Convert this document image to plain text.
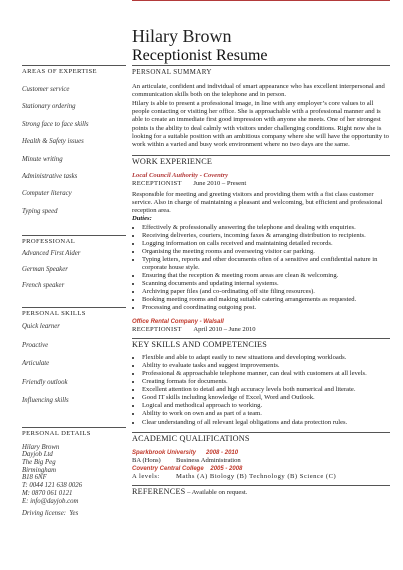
Hilary Brown
Receptionist Resume
AREAS OF EXPERTISE
Customer service
Stationary ordering
Strong face to face skills
Health & Safety issues
Minute writing
Administrative tasks
Computer literacy
Typing speed
PROFESSIONAL
Advanced First Aider
German Speaker
French speaker
PERSONAL SKILLS
Quick learner
Proactive
Articulate
Friendly outlook
Influencing skills
PERSONAL DETAILS
Hilary Brown
Dayjob Ltd
The Big Peg
Birmingham
B18 6NF
T: 0044 121 638 0026
M: 0870 061 0121
E: info@dayjob.com
Driving license: Yes
PERSONAL SUMMARY

An articulate, confident and individual of smart appearance who has excellent interpersonal and communication skills both on the telephone and in person.

Hilary is able to present a professional image, in line with any employer’s core values to all people contacting or visiting her office. She is approachable with a professional manner and is able to create an immediate first good impression with anyone she meets. One of her strongest points is the ability to deal calmly with visitors under challenging conditions. Right now she is looking for a suitable position with an ambitious company where she will have the opportunity to work within a varied and busy work environment where no two days are the same.

WORK EXPERIENCE
Local Council Authority - Coventry
RECEPTIONIST June 2010 – Present

Responsible for meeting and greeting visitors and providing them with a fist class customer service. Also in charge of maintaining a pleasant and welcoming, but efficient and professional reception area.

Duties:
• Effectively & professionally answering the telephone and dealing with enquiries.
• Receiving deliveries, couriers, incoming faxes & arranging distribution to recipients.
• Logging information on calls received and maintaining detailed records.
• Organising the meeting rooms and overseeing visitor car parking.
• Typing letters, reports and other documents often of a sensitive and confidential nature in corporate house style.
• Ensuring that the reception & meeting room areas are clean & welcoming.
• Scanning documents and updating internal systems.
• Archiving paper files (and co-ordinating off site filing resources).
• Booking meeting rooms and making suitable catering arrangements as requested.
• Processing and coordinating outgoing post.
Office Rental Company - Walsall
RECEPTIONIST April 2010 – June 2010
KEY SKILLS AND COMPETENCIES
• Flexible and able to adapt easily to new situations and developing workloads.
• Ability to evaluate tasks and suggest improvements.
• Professional & approachable telephone manner, can deal with customers at all levels.
• Creating formats for documents.
• Excellent attention to detail and high accuracy levels both numerical and literate.
• Good IT skills including knowledge of Excel, Word and Outlook.
• Logical and methodical approach to working.
• Ability to work on own and as part of a team.
• Clear understanding of all relevant legal obligations and data protection rules.
ACADEMIC QUALIFICATIONS
Sparkbrook University 2008 - 2010
BA (Hons)	Business Administration
Coventry Central College 2005 - 2008
A levels:	Maths (A) Biology (B) Technology (B) Science (C)
REFERENCES – Available on request.
